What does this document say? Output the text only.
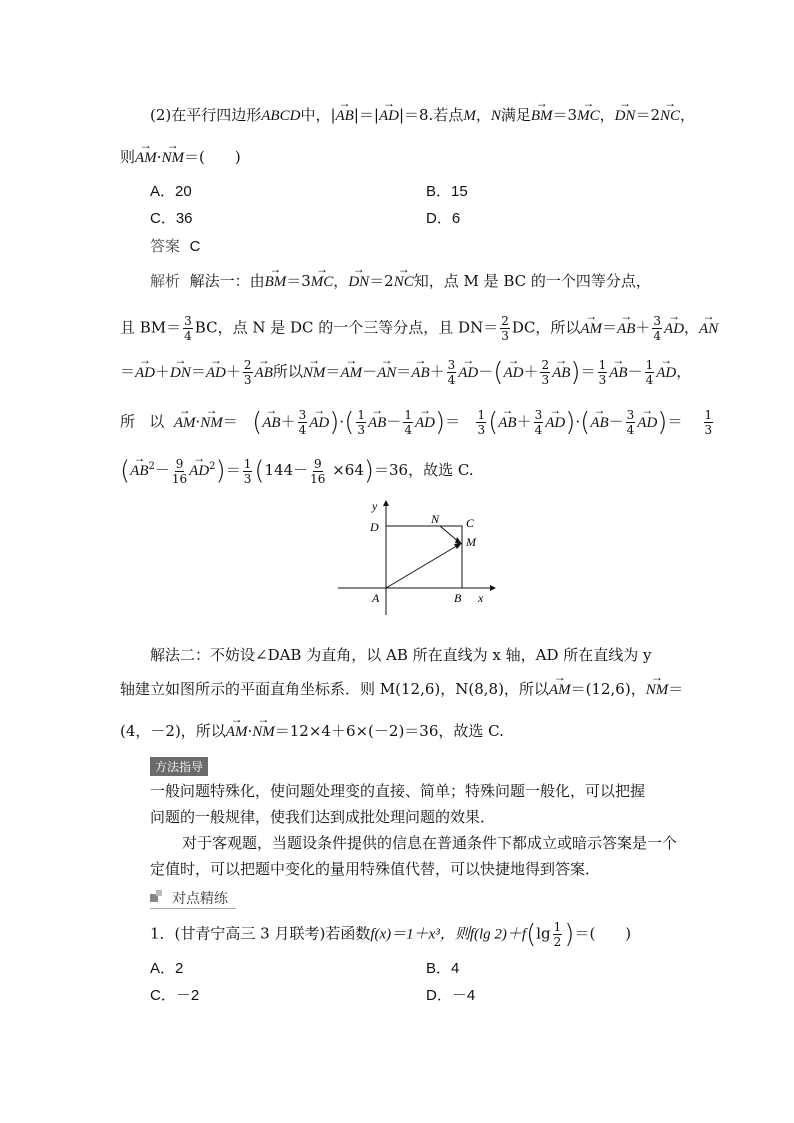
(2)在平行四边形ABCD中，|→ AB|＝|→ AD|＝8.若点M，N满足→ BM＝3→ MC，→ DN＝2→ NC，
则→ AM·→ NM＝(　　)
A．20	B．15
C．36	D．6
答案 C
解析 解法一：由→ BM＝3→ MC，→ DN＝2→ NC知，点 M 是 BC 的一个四等分点，
且 $BM= \frac{3}{4}$ BC，点 N 是 DC 的一个三等分点，且 $DN= \frac{2}{3}$ DC，所以→ $AM=\to AB+ \frac{3}{4}$
→ AD，→ AN
＝→ $AD+\to DN=\to AD+ \frac{2}{3}$
→ AB所以→ $NM=\to AM-\to AN=\to AB+ \frac{3}{4}$
→ $AD-(\to AD+ \frac{2}{3}$
→ $AB)= \frac{1}{3}$
→ $AB- \frac{1}{4}$
→ AD，
所   以  → AM·→ NM＝   (→ $AB+ \frac{3}{4}$
→ $AD)\cdot( \frac{1}{3}$
→ $AB- \frac{1}{4}$
→ $AD)= \frac{1}{3}$ (→ $AB+ \frac{3}{4}$
→ $AD)\cdot(\to AB- \frac{3}{4}$
→ $AD)= \frac{1}{3}$
(→ $AB^2- \frac{9}{16}$
→ $AD^2)= \frac{1}{3} (144- \frac{9}{16} \times 64)=36$，故选 C.
y
D
N C
M
A	B x
解法二：不妨设∠DAB 为直角，以 AB 所在直线为 x 轴，AD 所在直线为 y
轴建立如图所示的平面直角坐标系．则 M(12,6)，N(8,8)，所以→ AM＝(12,6)，→ NM＝
(4，－2)，所以→ AM·→ NM＝12×4＋6×(－2)＝36，故选 C.
方法指导
一般问题特殊化，使问题处理变的直接、简单；特殊问题一般化，可以把握
问题的一般规律，使我们达到成批处理问题的效果．
对于客观题，当题设条件提供的信息在普通条件下都成立或暗示答案是一个
定值时，可以把题中变化的量用特殊值代替，可以快捷地得到答案．
对点精练
1．(甘青宁高三 3 月联考)若函数f(x)＝1＋x³，则f(lg $2)+f(\lg \frac{1}{2}$ )＝(　　)
A．2	B．4
C．－2	D．－4
